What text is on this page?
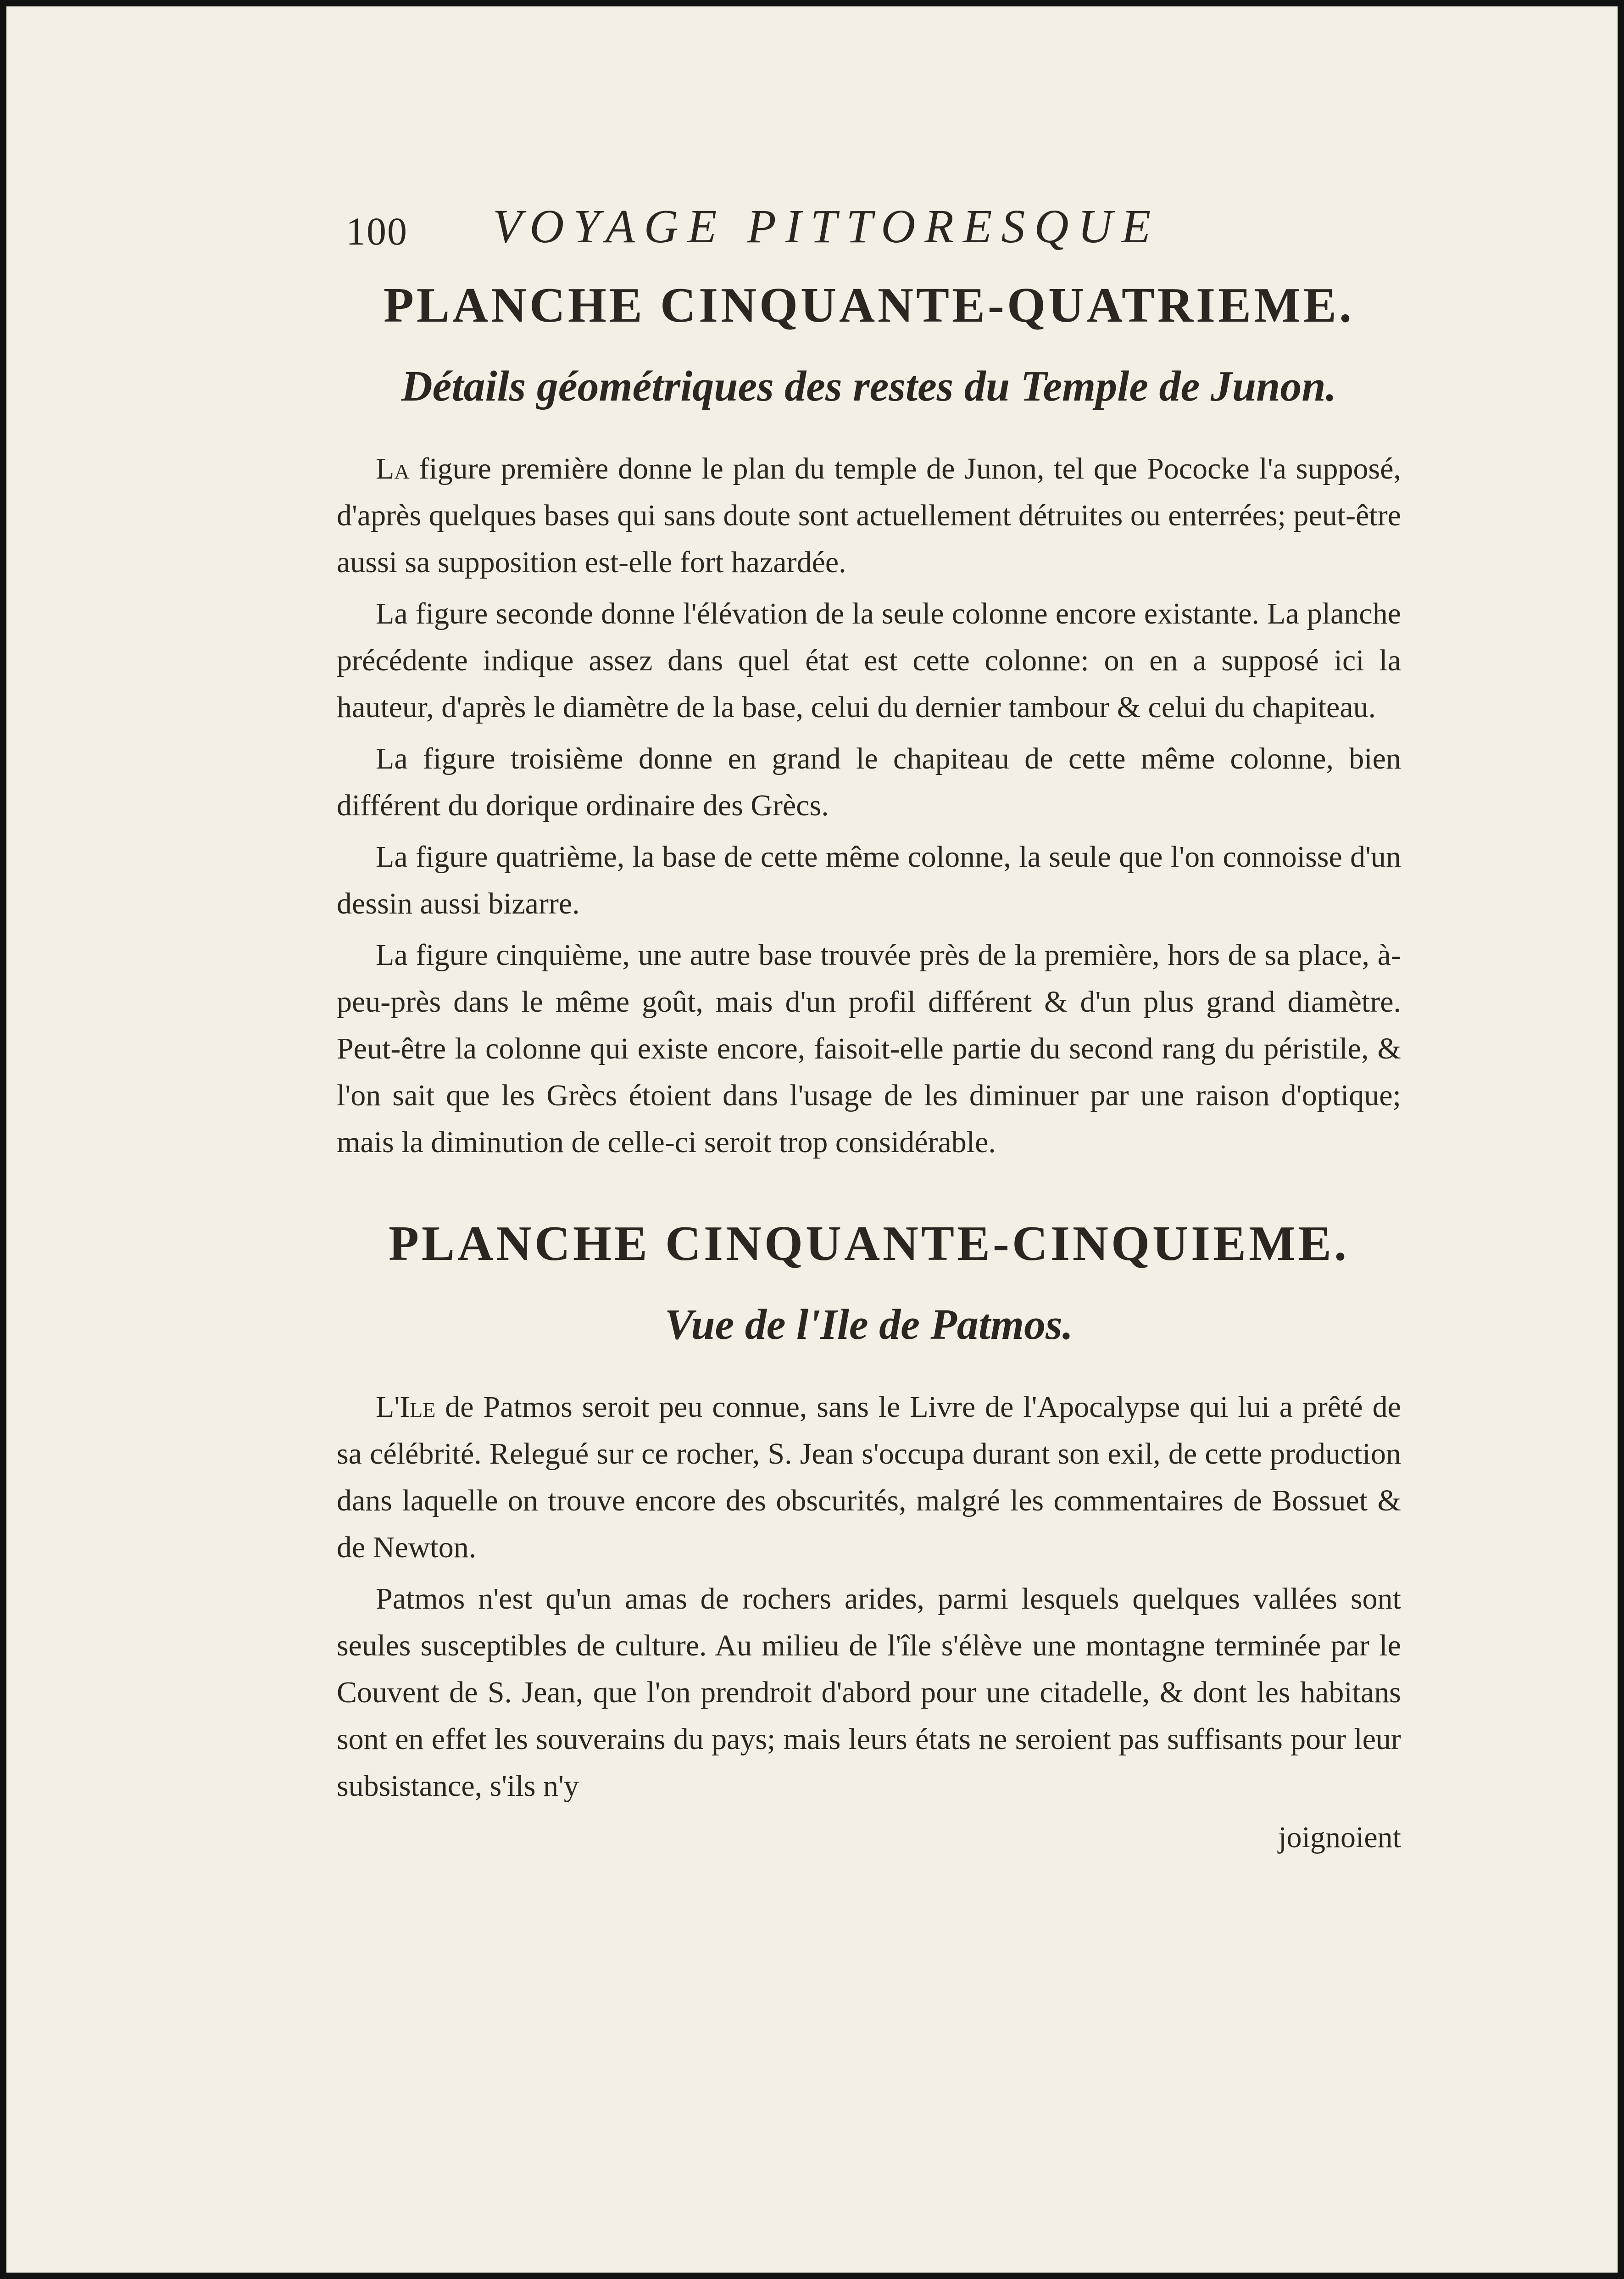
100 VOYAGE PITTORESQUE
PLANCHE CINQUANTE-QUATRIEME.
Détails géométriques des restes du Temple de Junon.

La figure première donne le plan du temple de Junon, tel que Pococke l'a supposé, d'après quelques bases qui sans doute sont actuellement détruites ou enterrées; peut-être aussi sa supposition est-elle fort hazardée.

La figure seconde donne l'élévation de la seule colonne encore existante. La planche précédente indique assez dans quel état est cette colonne: on en a supposé ici la hauteur, d'après le diamètre de la base, celui du dernier tambour & celui du chapiteau.

La figure troisième donne en grand le chapiteau de cette même colonne, bien différent du dorique ordinaire des Grècs.

La figure quatrième, la base de cette même colonne, la seule que l'on connoisse d'un dessin aussi bizarre.

La figure cinquième, une autre base trouvée près de la première, hors de sa place, à-peu-près dans le même goût, mais d'un profil différent & d'un plus grand diamètre. Peut-être la colonne qui existe encore, faisoit-elle partie du second rang du péristile, & l'on sait que les Grècs étoient dans l'usage de les diminuer par une raison d'optique; mais la diminution de celle-ci seroit trop considérable.

PLANCHE CINQUANTE-CINQUIEME.
Vue de l'Ile de Patmos.

L'Ile de Patmos seroit peu connue, sans le Livre de l'Apocalypse qui lui a prêté de sa célébrité. Relegué sur ce rocher, S. Jean s'occupa durant son exil, de cette production dans laquelle on trouve encore des obscurités, malgré les commentaires de Bossuet & de Newton.

Patmos n'est qu'un amas de rochers arides, parmi lesquels quelques vallées sont seules susceptibles de culture. Au milieu de l'île s'élève une montagne terminée par le Couvent de S. Jean, que l'on prendroit d'abord pour une citadelle, & dont les habitans sont en effet les souverains du pays; mais leurs états ne seroient pas suffisants pour leur subsistance, s'ils n'y

joignoient
